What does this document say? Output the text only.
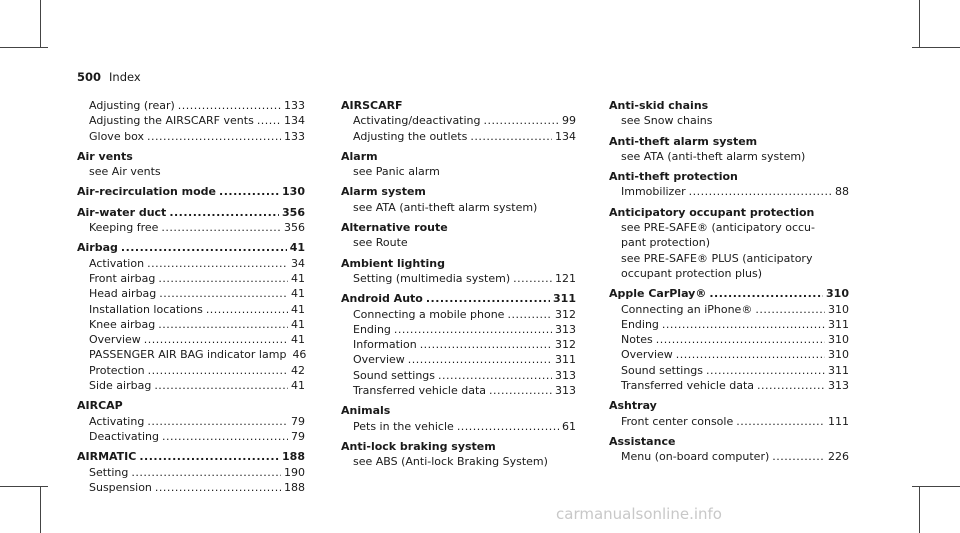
500 Index
Adjusting (rear) .....	133
Adjusting the AIRSCARF vents .....	134
Glove box .....	133
Air vents
see Air vents
Air-recirculation mode .....	130
Air-water duct .....	356
Keeping free .....	356
Airbag .....	41
Activation .....	34
Front airbag .....	41
Head airbag .....	41
Installation locations .....	41
Knee airbag .....	41
Overview .....	41
PASSENGER AIR BAG indicator lamp 46
Protection .....	42
Side airbag .....	41
AIRCAP
Activating .....	79
Deactivating .....	79
AIRMATIC .....	188
Setting .....	190
Suspension .....	188
AIRSCARF
Activating/deactivating .....	99
Adjusting the outlets .....	134
Alarm
see Panic alarm
Alarm system
see ATA (anti-theft alarm system)
Alternative route
see Route
Ambient lighting
Setting (multimedia system) .....	121
Android Auto .....	311
Connecting a mobile phone .....	312
Ending .....	313
Information .....	312
Overview .....	311
Sound settings .....	313
Transferred vehicle data .....	313
Animals
Pets in the vehicle .....	61
Anti-lock braking system
see ABS (Anti-lock Braking System)
Anti-skid chains
see Snow chains
Anti-theft alarm system
see ATA (anti-theft alarm system)
Anti-theft protection
Immobilizer .....	88
Anticipatory occupant protection
see PRE-SAFE® (anticipatory occu-
pant protection)
see PRE-SAFE® PLUS (anticipatory
occupant protection plus)
Apple CarPlay® .....	310
Connecting an iPhone® .....	310
Ending .....	311
Notes .....	310
Overview .....	310
Sound settings .....	311
Transferred vehicle data .....	313
Ashtray
Front center console .....	111
Assistance
Menu (on-board computer) .....	226
carmanualsonline.info
